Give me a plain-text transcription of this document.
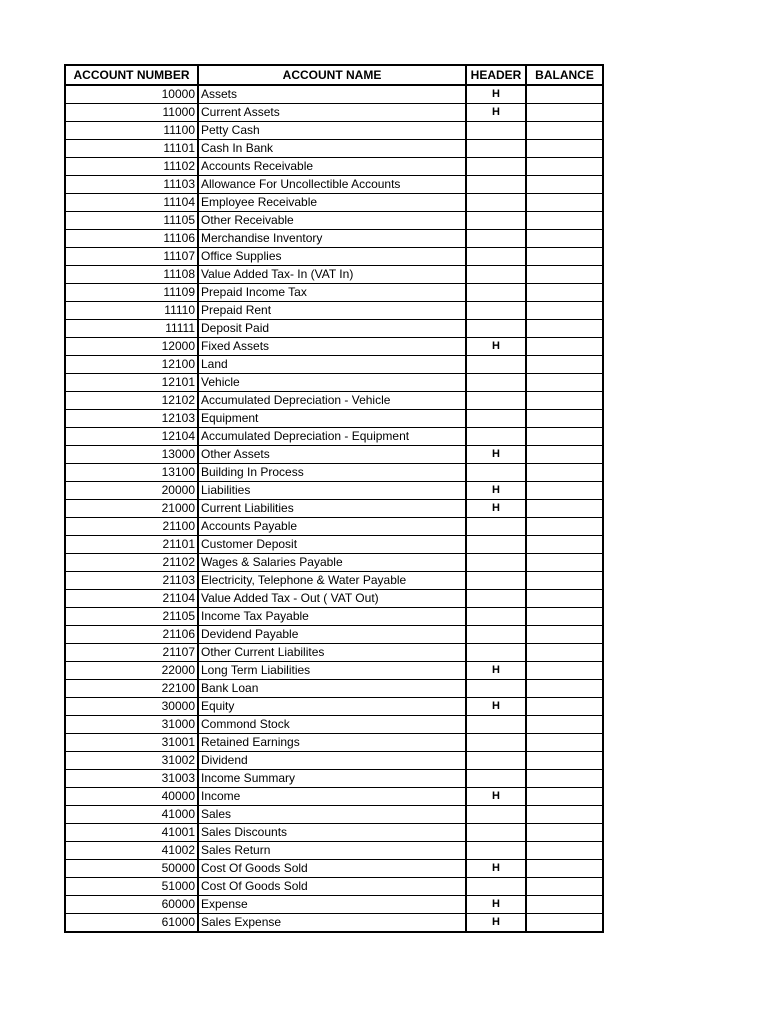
ACCOUNT NUMBER	ACCOUNT NAME	HEADER	BALANCE
10000	Assets	H	
11000	Current Assets	H	
11100	Petty Cash		
11101	Cash In Bank		
11102	Accounts Receivable		
11103	Allowance For Uncollectible Accounts		
11104	Employee Receivable		
11105	Other Receivable		
11106	Merchandise Inventory		
11107	Office Supplies		
11108	Value Added Tax- In (VAT In)		
11109	Prepaid Income Tax		
11110	Prepaid Rent		
11111	Deposit Paid		
12000	Fixed Assets	H	
12100	Land		
12101	Vehicle		
12102	Accumulated Depreciation - Vehicle		
12103	Equipment		
12104	Accumulated Depreciation - Equipment		
13000	Other Assets	H	
13100	Building In Process		
20000	Liabilities	H	
21000	Current Liabilities	H	
21100	Accounts Payable		
21101	Customer Deposit		
21102	Wages & Salaries Payable		
21103	Electricity, Telephone & Water Payable		
21104	Value Added Tax - Out ( VAT Out)		
21105	Income Tax Payable		
21106	Devidend Payable		
21107	Other Current Liabilites		
22000	Long Term Liabilities	H	
22100	Bank Loan		
30000	Equity	H	
31000	Commond Stock		
31001	Retained Earnings		
31002	Dividend		
31003	Income Summary		
40000	Income	H	
41000	Sales		
41001	Sales Discounts		
41002	Sales Return		
50000	Cost Of Goods Sold	H	
51000	Cost Of Goods Sold		
60000	Expense	H	
61000	Sales Expense	H	
